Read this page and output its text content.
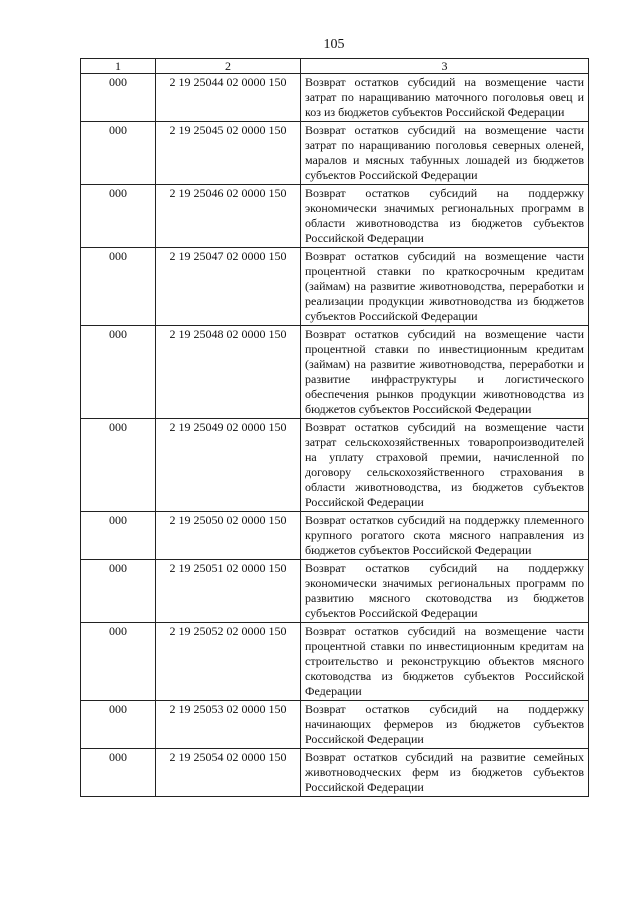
105
1	2	3
000	2 19 25044 02 0000 150	Возврат остатков субсидий на возмещение части затрат по наращиванию маточного поголовья овец и коз из бюджетов субъектов Российской Федерации
000	2 19 25045 02 0000 150	Возврат остатков субсидий на возмещение части затрат по наращиванию поголовья северных оленей, маралов и мясных табунных лошадей из бюджетов субъектов Российской Федерации
000	2 19 25046 02 0000 150	Возврат остатков субсидий на поддержку экономически значимых региональных программ в области животноводства из бюджетов субъектов Российской Федерации
000	2 19 25047 02 0000 150	Возврат остатков субсидий на возмещение части процентной ставки по краткосрочным кредитам (займам) на развитие животноводства, переработки и реализации продукции животноводства из бюджетов субъектов Российской Федерации
000	2 19 25048 02 0000 150	Возврат остатков субсидий на возмещение части процентной ставки по инвестиционным кредитам (займам) на развитие животноводства, переработки и развитие инфраструктуры и логистического обеспечения рынков продукции животноводства из бюджетов субъектов Российской Федерации
000	2 19 25049 02 0000 150	Возврат остатков субсидий на возмещение части затрат сельскохозяйственных товаропроизводителей на уплату страховой премии, начисленной по договору сельскохозяйственного страхования в области животноводства, из бюджетов субъектов Российской Федерации
000	2 19 25050 02 0000 150	Возврат остатков субсидий на поддержку племенного крупного рогатого скота мясного направления из бюджетов субъектов Российской Федерации
000	2 19 25051 02 0000 150	Возврат остатков субсидий на поддержку экономически значимых региональных программ по развитию мясного скотоводства из бюджетов субъектов Российской Федерации
000	2 19 25052 02 0000 150	Возврат остатков субсидий на возмещение части процентной ставки по инвестиционным кредитам на строительство и реконструкцию объектов мясного скотоводства из бюджетов субъектов Российской Федерации
000	2 19 25053 02 0000 150	Возврат остатков субсидий на поддержку начинающих фермеров из бюджетов субъектов Российской Федерации
000	2 19 25054 02 0000 150	Возврат остатков субсидий на развитие семейных животноводческих ферм из бюджетов субъектов Российской Федерации
